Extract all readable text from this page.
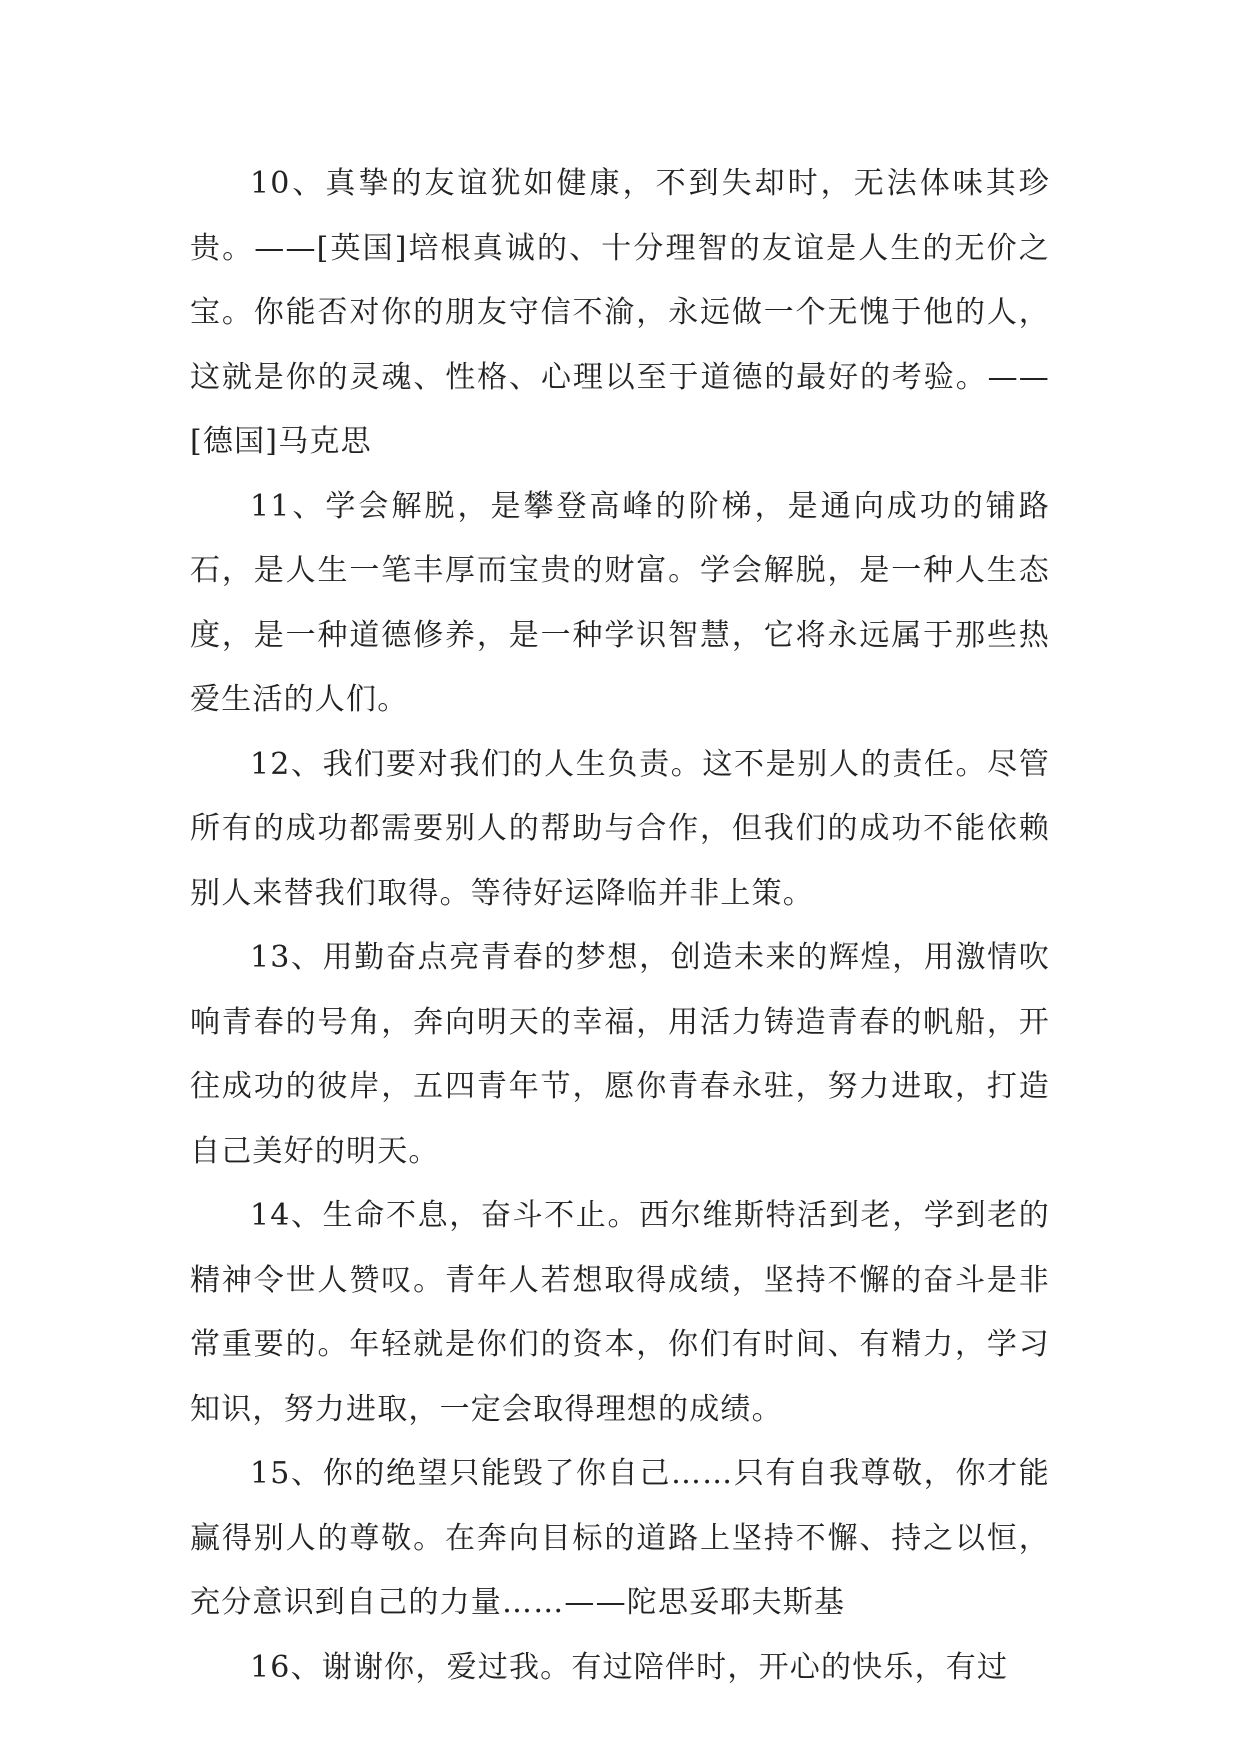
10、真挚的友谊犹如健康，不到失却时，无法体味其珍贵。——[英国]培根真诚的、十分理智的友谊是人生的无价之宝。你能否对你的朋友守信不渝，永远做一个无愧于他的人，这就是你的灵魂、性格、心理以至于道德的最好的考验。——[德国]马克思

11、学会解脱，是攀登高峰的阶梯，是通向成功的铺路石，是人生一笔丰厚而宝贵的财富。学会解脱，是一种人生态度，是一种道德修养，是一种学识智慧，它将永远属于那些热爱生活的人们。

12、我们要对我们的人生负责。这不是别人的责任。尽管所有的成功都需要别人的帮助与合作，但我们的成功不能依赖别人来替我们取得。等待好运降临并非上策。

13、用勤奋点亮青春的梦想，创造未来的辉煌，用激情吹响青春的号角，奔向明天的幸福，用活力铸造青春的帆船，开往成功的彼岸，五四青年节，愿你青春永驻，努力进取，打造自己美好的明天。

14、生命不息，奋斗不止。西尔维斯特活到老，学到老的精神令世人赞叹。青年人若想取得成绩，坚持不懈的奋斗是非常重要的。年轻就是你们的资本，你们有时间、有精力，学习知识，努力进取，一定会取得理想的成绩。

15、你的绝望只能毁了你自己……只有自我尊敬，你才能赢得别人的尊敬。在奔向目标的道路上坚持不懈、持之以恒，充分意识到自己的力量……——陀思妥耶夫斯基

16、谢谢你，爱过我。有过陪伴时，开心的快乐，有过
